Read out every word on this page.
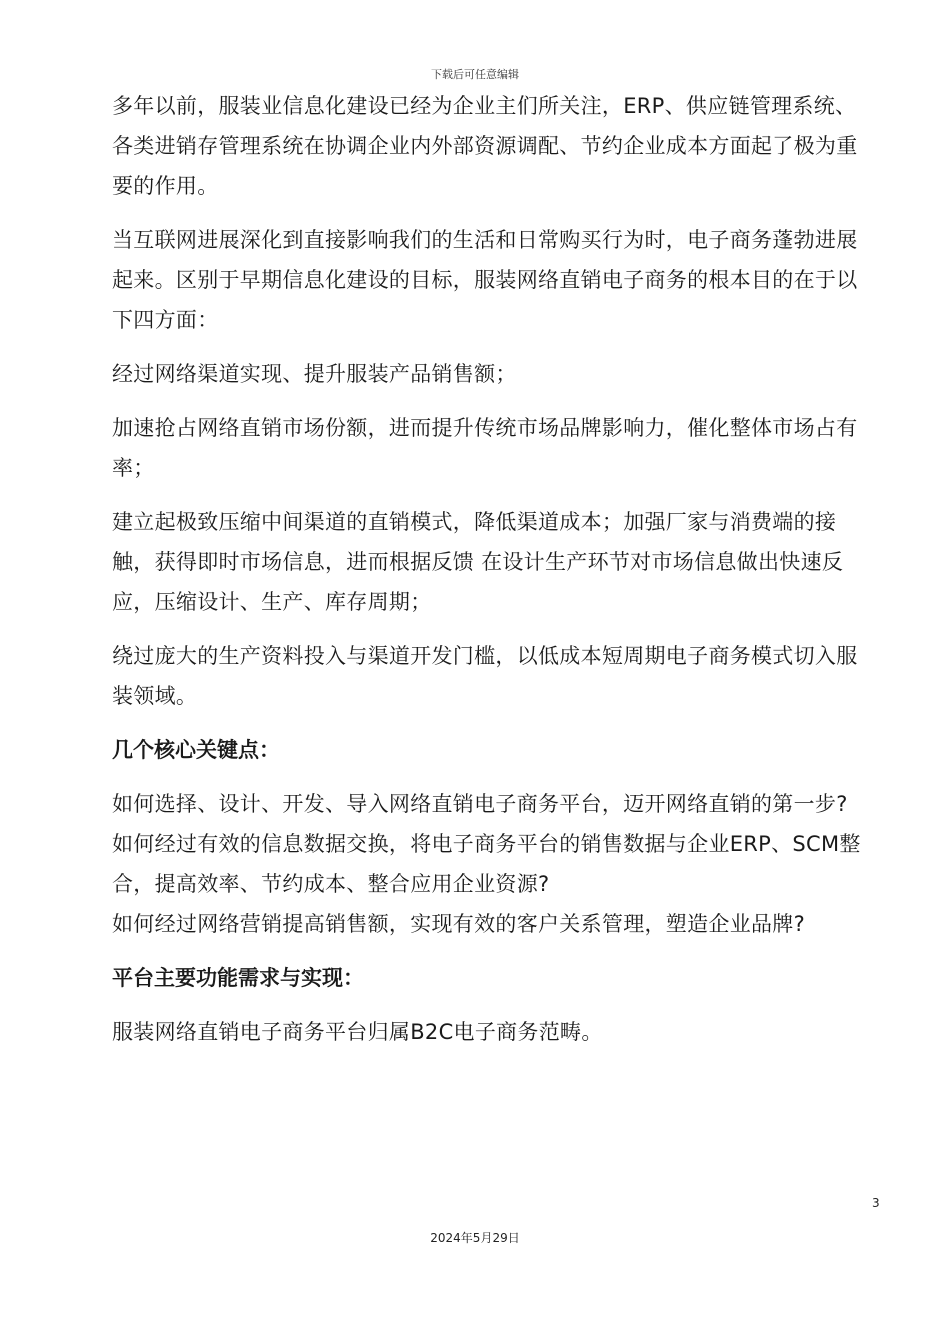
下载后可任意编辑

多年以前，服装业信息化建设已经为企业主们所关注，ERP、供应链管理系统、各类进销存管理系统在协调企业内外部资源调配、节约企业成本方面起了极为重要的作用。

当互联网进展深化到直接影响我们的生活和日常购买行为时，电子商务蓬勃进展起来。区别于早期信息化建设的目标，服装网络直销电子商务的根本目的在于以下四方面：

经过网络渠道实现、提升服装产品销售额；

加速抢占网络直销市场份额，进而提升传统市场品牌影响力，催化整体市场占有率；

建立起极致压缩中间渠道的直销模式，降低渠道成本；加强厂家与消费端的接触，获得即时市场信息，进而根据反馈 在设计生产环节对市场信息做出快速反应，压缩设计、生产、库存周期；

绕过庞大的生产资料投入与渠道开发门槛，以低成本短周期电子商务模式切入服装领域。

几个核心关键点：

如何选择、设计、开发、导入网络直销电子商务平台，迈开网络直销的第一步?

如何经过有效的信息数据交换，将电子商务平台的销售数据与企业ERP、SCM整合，提高效率、节约成本、整合应用企业资源?

如何经过网络营销提高销售额，实现有效的客户关系管理，塑造企业品牌?

平台主要功能需求与实现：

服装网络直销电子商务平台归属B2C电子商务范畴。

3
2024年5月29日
